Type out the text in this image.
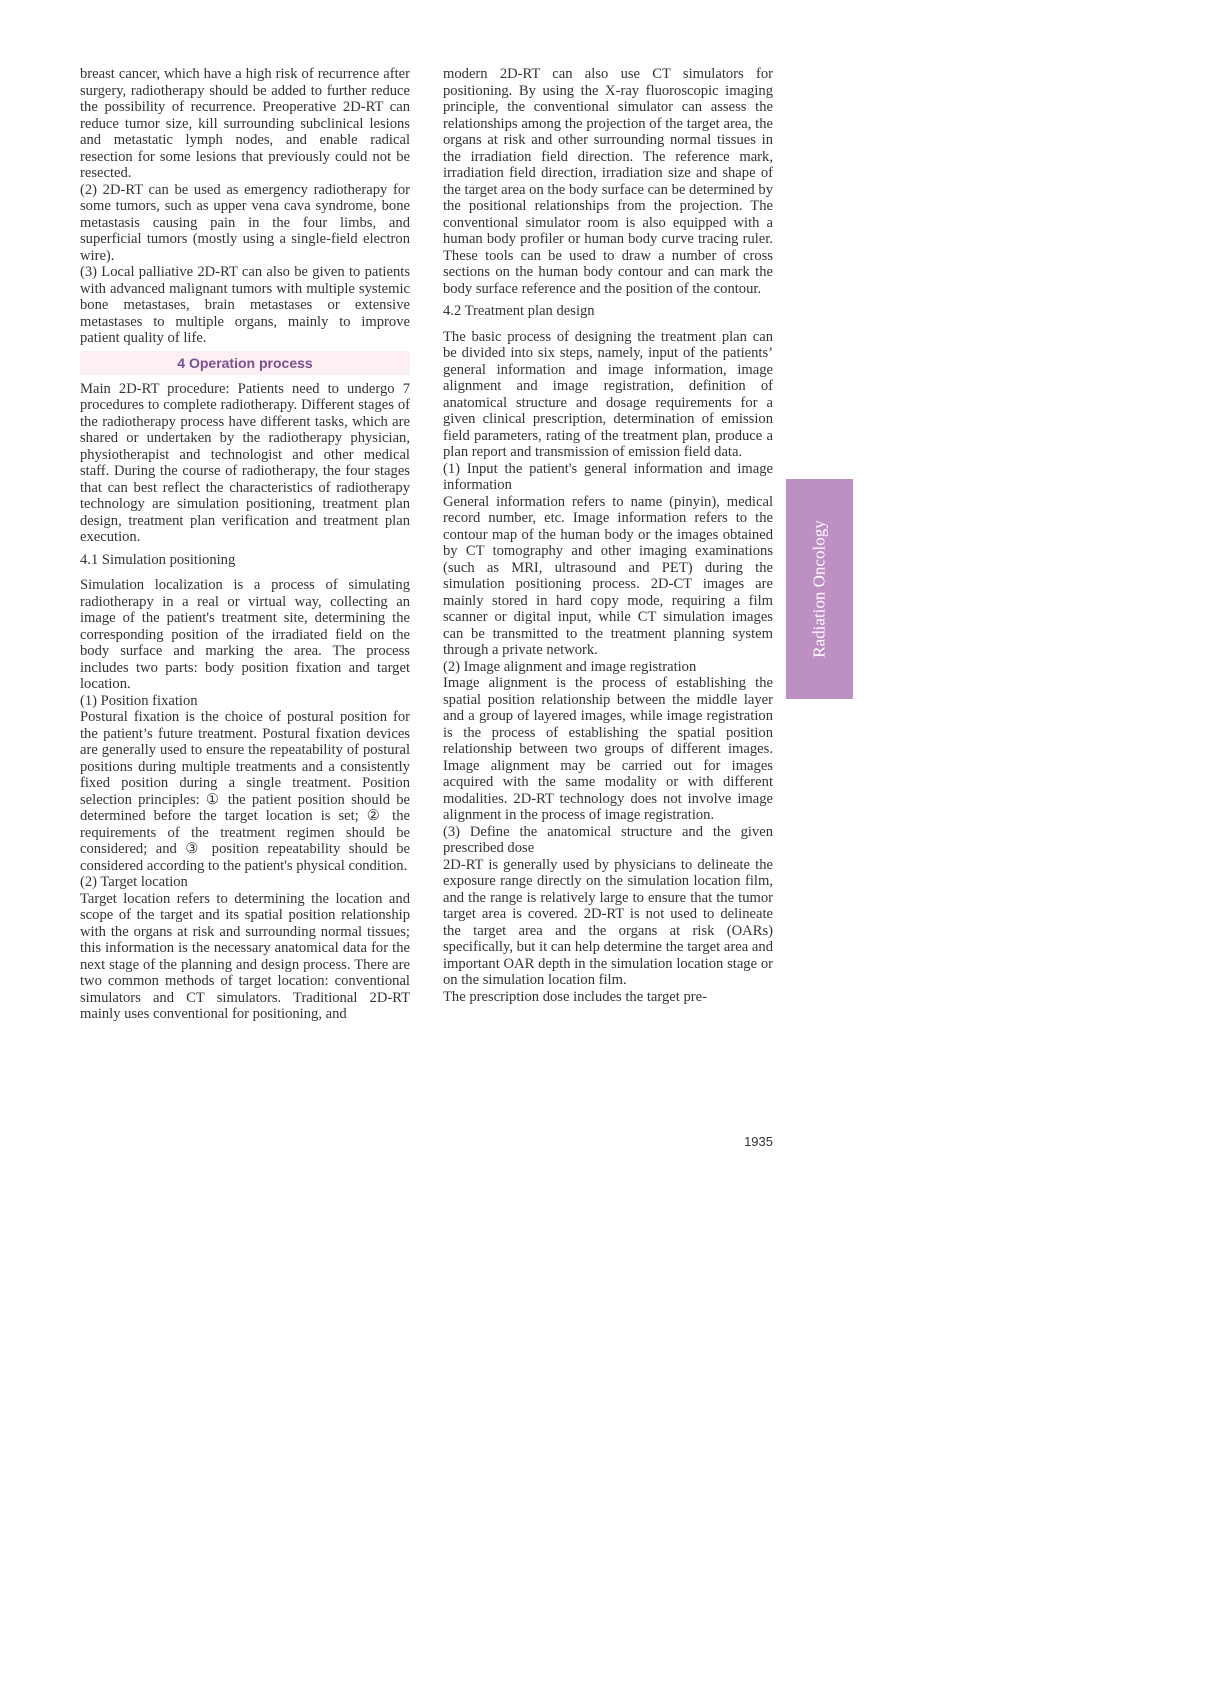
breast cancer, which have a high risk of recurrence after surgery, radiotherapy should be added to further reduce the possibility of recurrence. Preoperative 2D-RT can reduce tumor size, kill surrounding subclinical lesions and metastatic lymph nodes, and enable radical resection for some lesions that previously could not be resected.

(2) 2D-RT can be used as emergency radiotherapy for some tumors, such as upper vena cava syndrome, bone metastasis causing pain in the four limbs, and superficial tumors (mostly using a single-field electron wire).

(3) Local palliative 2D-RT can also be given to patients with advanced malignant tumors with multiple systemic bone metastases, brain metastases or extensive metastases to multiple organs, mainly to improve patient quality of life.

4 Operation process

Main 2D-RT procedure: Patients need to undergo 7 procedures to complete radiotherapy. Different stages of the radiotherapy process have different tasks, which are shared or undertaken by the radiotherapy physician, physiotherapist and technologist and other medical staff. During the course of radiotherapy, the four stages that can best reflect the characteristics of radiotherapy technology are simulation positioning, treatment plan design, treatment plan verification and treatment plan execution.

4.1 Simulation positioning

Simulation localization is a process of simulating radiotherapy in a real or virtual way, collecting an image of the patient's treatment site, determining the corresponding position of the irradiated field on the body surface and marking the area. The process includes two parts: body position fixation and target location.

(1) Position fixation

Postural fixation is the choice of postural position for the patient’s future treatment. Postural fixation devices are generally used to ensure the repeatability of postural positions during multiple treatments and a consistently fixed position during a single treatment. Position selection principles: ① the patient position should be determined before the target location is set; ② the requirements of the treatment regimen should be considered; and ③ position repeatability should be considered according to the patient's physical condition.

(2) Target location

Target location refers to determining the location and scope of the target and its spatial position relationship with the organs at risk and surrounding normal tissues; this information is the necessary anatomical data for the next stage of the planning and design process. There are two common methods of target location: conventional simulators and CT simulators. Traditional 2D-RT mainly uses conventional for positioning, and

modern 2D-RT can also use CT simulators for positioning. By using the X-ray fluoroscopic imaging principle, the conventional simulator can assess the relationships among the projection of the target area, the organs at risk and other surrounding normal tissues in the irradiation field direction. The reference mark, irradiation field direction, irradiation size and shape of the target area on the body surface can be determined by the positional relationships from the projection. The conventional simulator room is also equipped with a human body profiler or human body curve tracing ruler. These tools can be used to draw a number of cross sections on the human body contour and can mark the body surface reference and the position of the contour.

4.2 Treatment plan design

The basic process of designing the treatment plan can be divided into six steps, namely, input of the patients’ general information and image information, image alignment and image registration, definition of anatomical structure and dosage requirements for a given clinical prescription, determination of emission field parameters, rating of the treatment plan, produce a plan report and transmission of emission field data.

(1) Input the patient's general information and image information

General information refers to name (pinyin), medical record number, etc. Image information refers to the contour map of the human body or the images obtained by CT tomography and other imaging examinations (such as MRI, ultrasound and PET) during the simulation positioning process. 2D-CT images are mainly stored in hard copy mode, requiring a film scanner or digital input, while CT simulation images can be transmitted to the treatment planning system through a private network.

(2) Image alignment and image registration

Image alignment is the process of establishing the spatial position relationship between the middle layer and a group of layered images, while image registration is the process of establishing the spatial position relationship between two groups of different images. Image alignment may be carried out for images acquired with the same modality or with different modalities. 2D-RT technology does not involve image alignment in the process of image registration.

(3) Define the anatomical structure and the given prescribed dose

2D-RT is generally used by physicians to delineate the exposure range directly on the simulation location film, and the range is relatively large to ensure that the tumor target area is covered. 2D-RT is not used to delineate the target area and the organs at risk (OARs) specifically, but it can help determine the target area and important OAR depth in the simulation location stage or on the simulation location film.

The prescription dose includes the target pre-

Radiation Oncology
1935
